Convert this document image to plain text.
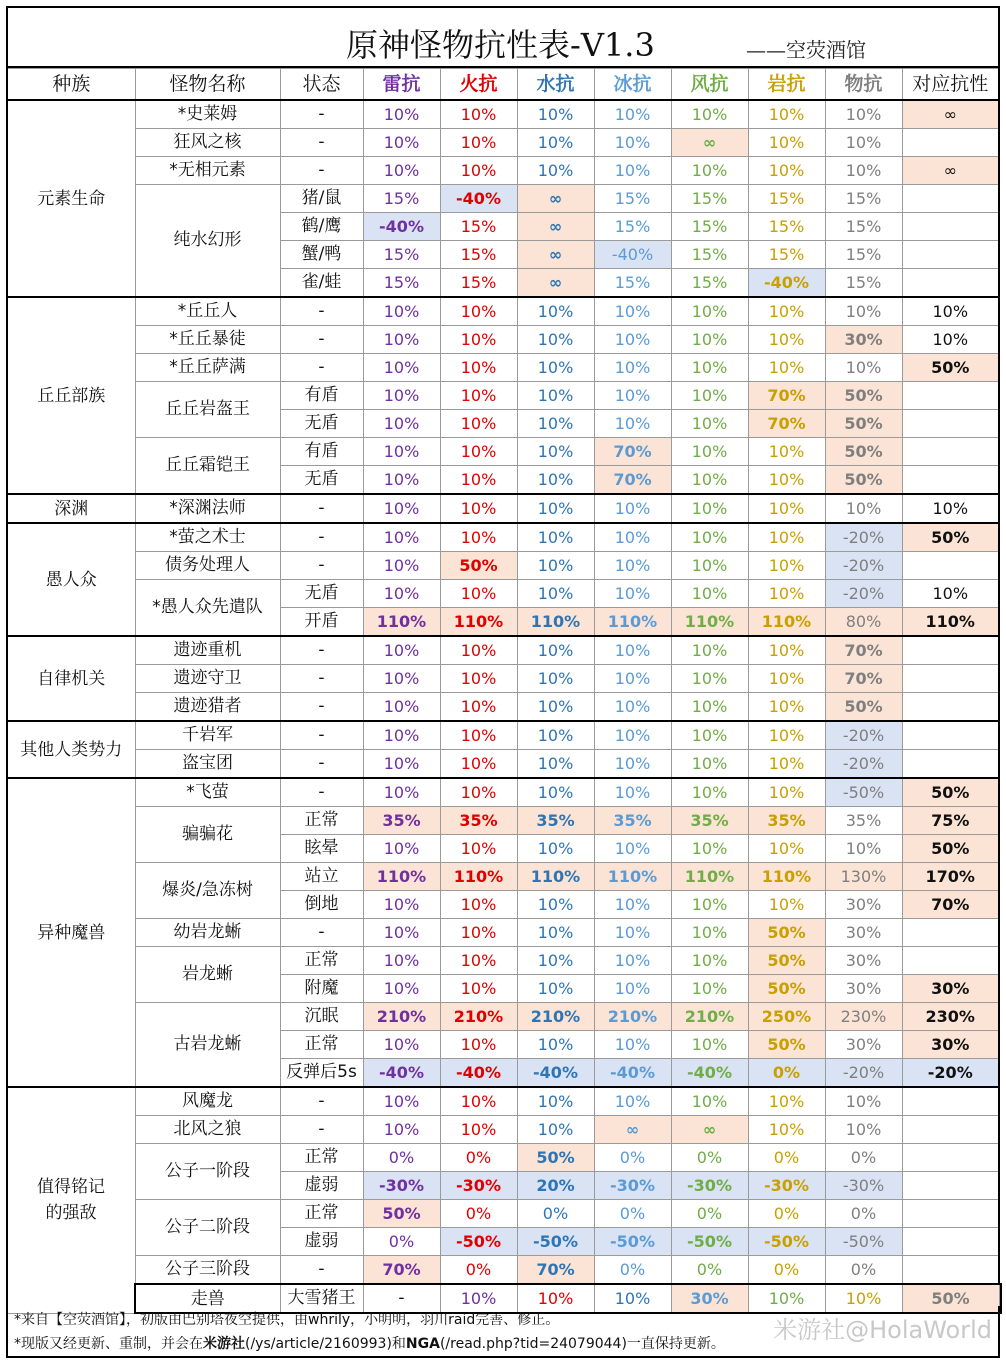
原神怪物抗性表-V1.3	——空荧酒馆
种族	怪物名称	状态	雷抗	火抗	水抗	冰抗	风抗	岩抗	物抗	对应抗性	
元素生命	*史莱姆	-	10%	10%	10%	10%	10%	10%	10%	∞	
	狂风之核	-	10%	10%	10%	10%	∞	10%	10%		
	*无相元素	-	10%	10%	10%	10%	10%	10%	10%	∞	
	纯水幻形	猪/鼠	15%	-40%	∞	15%	15%	15%	15%		
		鹤/鹰	-40%	15%	∞	15%	15%	15%	15%		
		蟹/鸭	15%	15%	∞	-40%	15%	15%	15%		
		雀/蛙	15%	15%	∞	15%	15%	-40%	15%		
丘丘部族	*丘丘人	-	10%	10%	10%	10%	10%	10%	10%	10%	
	*丘丘暴徒	-	10%	10%	10%	10%	10%	10%	30%	10%	
	*丘丘萨满	-	10%	10%	10%	10%	10%	10%	10%	50%	
	丘丘岩盔王	有盾	10%	10%	10%	10%	10%	70%	50%		
		无盾	10%	10%	10%	10%	10%	70%	50%		
	丘丘霜铠王	有盾	10%	10%	10%	70%	10%	10%	50%		
		无盾	10%	10%	10%	70%	10%	10%	50%		
深渊	*深渊法师	-	10%	10%	10%	10%	10%	10%	10%	10%	
愚人众	*萤之术士	-	10%	10%	10%	10%	10%	10%	-20%	50%	
	债务处理人	-	10%	50%	10%	10%	10%	10%	-20%		
	*愚人众先遣队	无盾	10%	10%	10%	10%	10%	10%	-20%	10%	
		开盾	110%	110%	110%	110%	110%	110%	80%	110%	
自律机关	遗迹重机	-	10%	10%	10%	10%	10%	10%	70%		
	遗迹守卫	-	10%	10%	10%	10%	10%	10%	70%		
	遗迹猎者	-	10%	10%	10%	10%	10%	10%	50%		
其他人类势力	千岩军	-	10%	10%	10%	10%	10%	10%	-20%		
	盗宝团	-	10%	10%	10%	10%	10%	10%	-20%		
异种魔兽	*飞萤	-	10%	10%	10%	10%	10%	10%	-50%	50%	
	骗骗花	正常	35%	35%	35%	35%	35%	35%	35%	75%	
		眩晕	10%	10%	10%	10%	10%	10%	10%	50%	
	爆炎/急冻树	站立	110%	110%	110%	110%	110%	110%	130%	170%	
		倒地	10%	10%	10%	10%	10%	10%	30%	70%	
	幼岩龙蜥	-	10%	10%	10%	10%	10%	50%	30%		
	岩龙蜥	正常	10%	10%	10%	10%	10%	50%	30%		
		附魔	10%	10%	10%	10%	10%	50%	30%	30%	
	古岩龙蜥	沉眠	210%	210%	210%	210%	210%	250%	230%	230%	
		正常	10%	10%	10%	10%	10%	50%	30%	30%	
		反弹后5s	-40%	-40%	-40%	-40%	-40%	0%	-20%	-20%	
值得铭记
的强敌	风魔龙	-	10%	10%	10%	10%	10%	10%	10%		
	北风之狼	-	10%	10%	10%	∞	∞	10%	10%		
	公子一阶段	正常	0%	0%	50%	0%	0%	0%	0%		
		虚弱	-30%	-30%	20%	-30%	-30%	-30%	-30%		
	公子二阶段	正常	50%	0%	0%	0%	0%	0%	0%		
		虚弱	0%	-50%	-50%	-50%	-50%	-50%	-50%		
	公子三阶段	-	70%	0%	70%	0%	0%	0%	0%		
	走兽	大雪猪王	-	10%	10%	10%	30%	10%	10%	50%	
*来自【空荧酒馆】，初版由巴别塔夜空提供，由whrily，小明明，羽川raid完善、修正。
*现版又经更新、重制，并会在米游社(/ys/article/2160993)和NGA(/read.php?tid=24079044)一直保持更新。 米游社@HolaWorld
